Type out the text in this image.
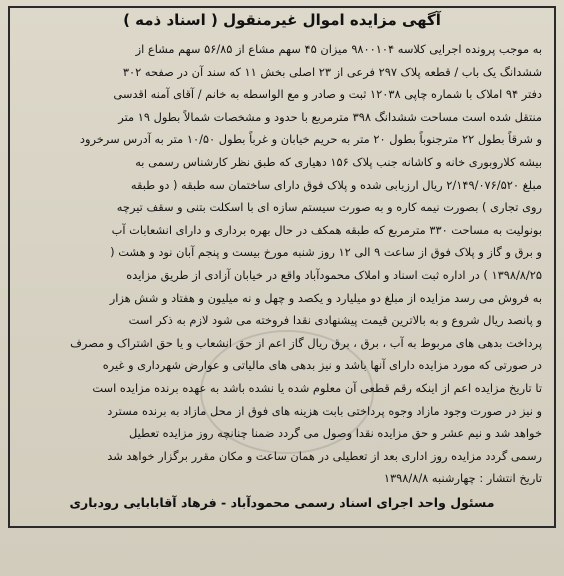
آگهی مزایده اموال غیرمنقول ( اسناد ذمه )
به موجب پرونده اجرایی کلاسه ۹۸۰۰۱۰۴ میزان ۴۵ سهم مشاع از ۵۶/۸۵ سهم مشاع از
ششدانگ یک باب / قطعه پلاک ۲۹۷ فرعی از ۲۳ اصلی بخش ۱۱ که سند آن در صفحه ۳۰۲
دفتر ۹۴ املاک با شماره چاپی ۱۲۰۳۸ ثبت و صادر و مع الواسطه به خانم / آقای آمنه اقدسی
منتقل شده است مساحت ششدانگ ۳۹۸ مترمربع با حدود و مشخصات شمالاً بطول ۱۹ متر
و شرقاً بطول ۲۲ مترجنوباً بطول ۲۰ متر به حریم خیابان و غرباً بطول ۱۰/۵۰ متر به آدرس سرخرود
بیشه کلاروبوری خانه و کاشانه جنب پلاک ۱۵۶ دهیاری که طبق نظر کارشناس رسمی به
مبلغ ۲/۱۴۹/۰۷۶/۵۲۰ ریال ارزیابی شده و پلاک فوق دارای ساختمان سه طبقه ( دو طبقه
روی تجاری ) بصورت نیمه کاره و به صورت سیستم سازه ای با اسکلت بتنی و سقف تیرچه
بونولیت به مساحت ۳۳۰ مترمربع که طبقه همکف در حال بهره برداری و دارای انشعابات آب
و برق و گاز و پلاک فوق از ساعت ۹ الی ۱۲ روز شنبه مورخ بیست و پنجم آبان نود و هشت (
۱۳۹۸/۸/۲۵ ) در اداره ثبت اسناد و املاک محمودآباد واقع در خیابان آزادی از طریق مزایده
به فروش می رسد مزایده از مبلغ دو میلیارد و یکصد و چهل و نه میلیون و هفتاد و شش هزار
و پانصد ریال شروع و به بالاترین قیمت پیشنهادی نقدا فروخته می شود لازم به ذکر است
پرداخت بدهی های مربوط به آب ، برق ، برق ریال گاز اعم از حق انشعاب و یا حق اشتراک و مصرف
در صورتی که مورد مزایده دارای آنها باشد و نیز بدهی های مالیاتی و عوارض شهرداری و غیره
تا تاریخ مزایده اعم از اینکه رقم قطعی آن معلوم شده یا نشده باشد به عهده برنده مزایده است
و نیز در صورت وجود مازاد وجوه پرداختی بابت هزینه های فوق از محل مازاد به برنده مسترد
خواهد شد و نیم عشر و حق مزایده نقدا وصول می گردد ضمنا چنانچه روز مزایده تعطیل
رسمی گردد مزایده روز اداری بعد از تعطیلی در همان ساعت و مکان مقرر برگزار خواهد شد
تاریخ انتشار : چهارشنبه ۱۳۹۸/۸/۸
مسئول واحد اجرای اسناد رسمی محمودآباد - فرهاد آقابابایی رودباری
